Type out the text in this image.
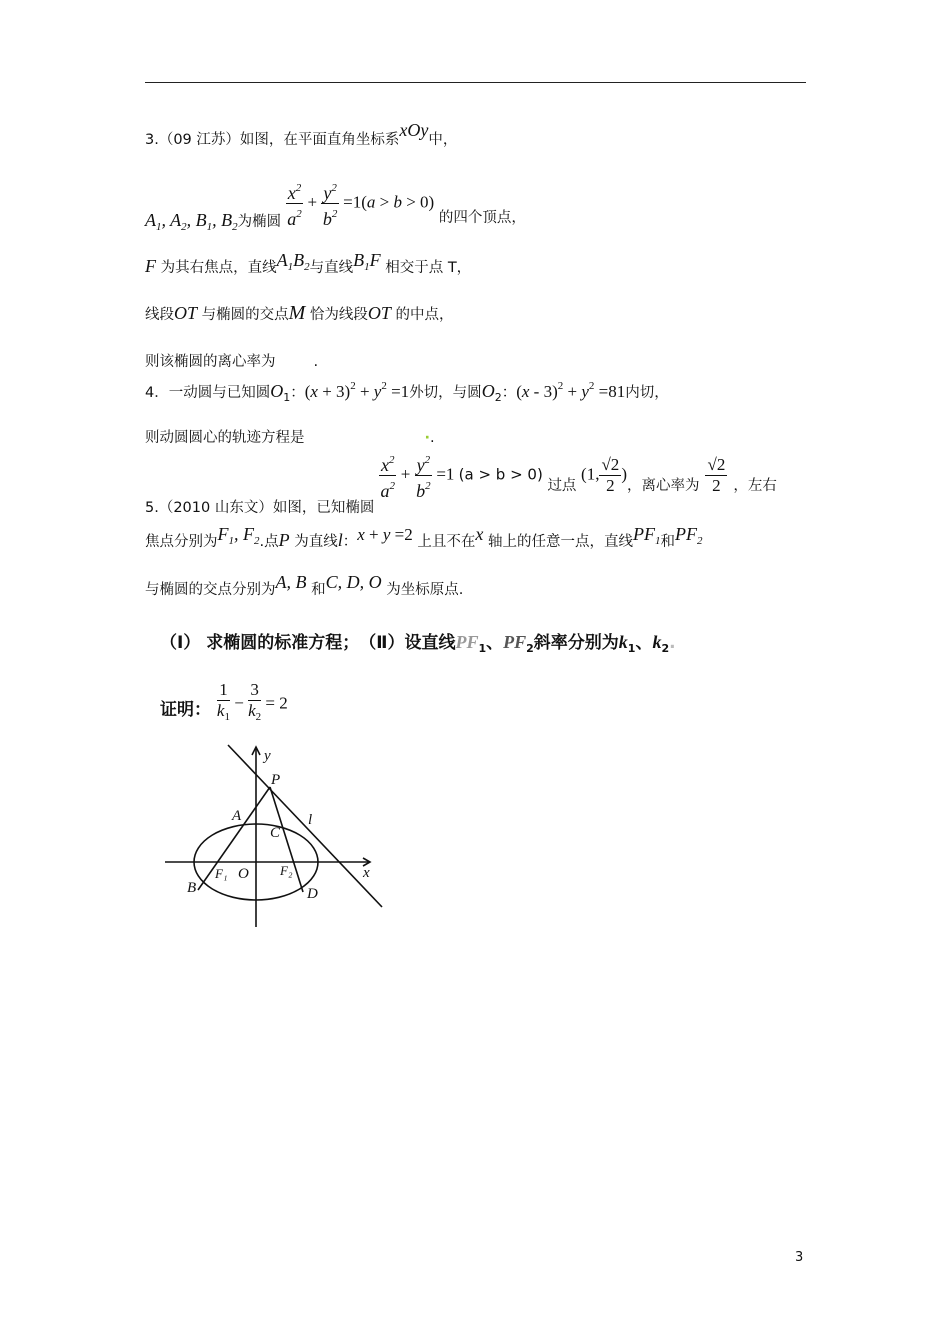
3.（09 江苏）如图，在平面直角坐标系xOy中，
$A_1$, $A_2$, $B_1$, $B_2$为椭圆 $\frac{x^2}{a^2} + \frac{y^2}{b^2} =1(a > b > 0)$ 的四个顶点，
F 为其右焦点，直线$A_1B_2$与直线$B_1F$ 相交于点 T，
线段OT 与椭圆的交点M 恰为线段OT 的中点，
则该椭圆的离心率为	.
4．一动圆与已知圆$O_1$：$(x + 3)^2 + y^2 =1$外切，与圆$O_2$：$(x - 3)^2 + y^2 =81$内切，
则动圆圆心的轨迹方程是	·.
5.（2010 山东文）如图，已知椭圆
$\frac{x^2}{a^2} + \frac{y^2}{b^2} =1$ (a > b > 0) 过点 (1, $\frac{√2}{2}$ )，离心率为 $\frac{√2}{2}$ ，左右
焦点分别为$F_1$, $F_2$.点P 为直线l：x + y =2 上且不在x 轴上的任意一点，直线$PF_1$和$PF_2$
与椭圆的交点分别为A, B 和C, D, O 为坐标原点.
（Ⅰ） 求椭圆的标准方程；　（Ⅱ）设直线$PF_1$、$PF_2$斜率分别为$k_1$、$k_2$.
证明： $\frac{1}{k_1} - \frac{3}{k_2} = 2$
y
P
A
C
l
x
B
F₁ O F₂
D
3
